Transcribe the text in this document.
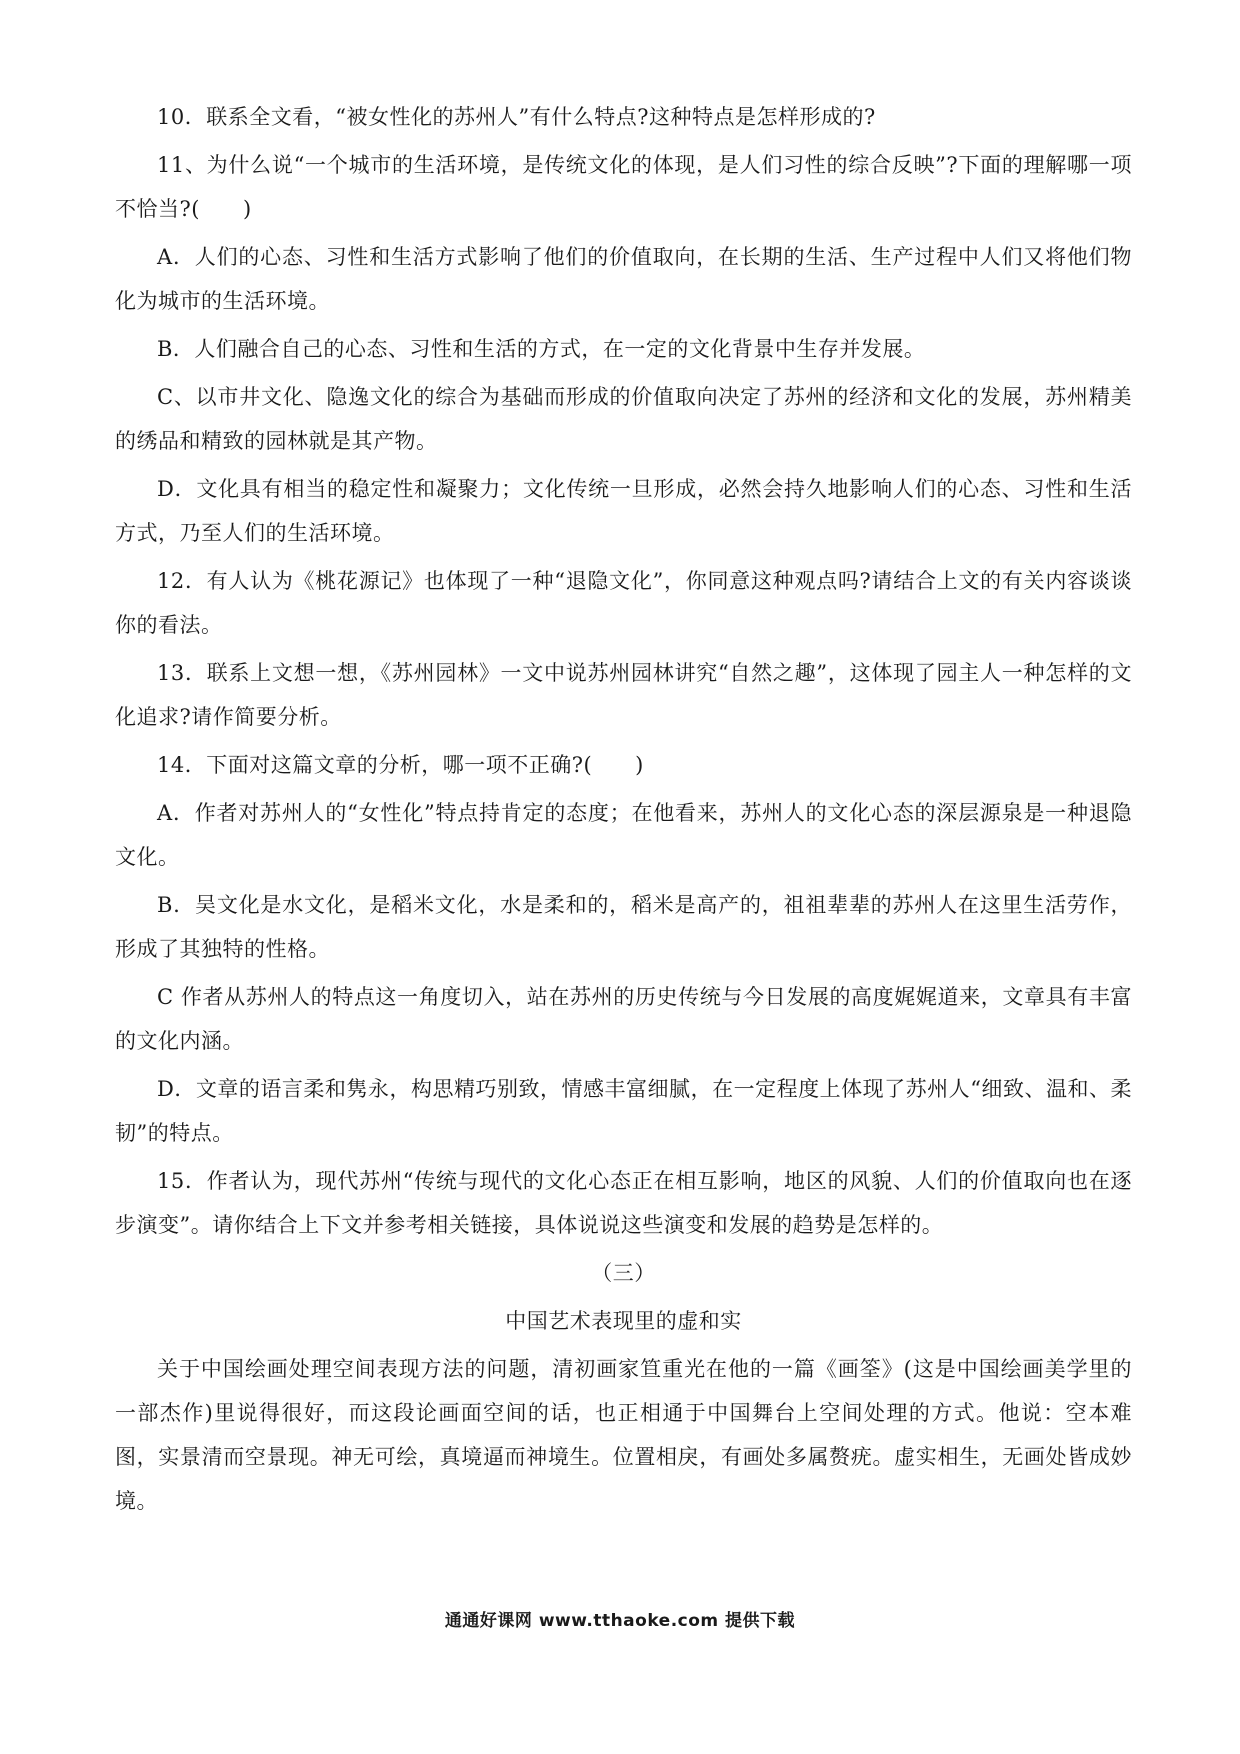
10．联系全文看，“被女性化的苏州人”有什么特点?这种特点是怎样形成的?

11、为什么说“一个城市的生活环境，是传统文化的体现，是人们习性的综合反映”?下面的理解哪一项不恰当?(　　)

A．人们的心态、习性和生活方式影响了他们的价值取向，在长期的生活、生产过程中人们又将他们物化为城市的生活环境。

B．人们融合自己的心态、习性和生活的方式，在一定的文化背景中生存并发展。

C、以市井文化、隐逸文化的综合为基础而形成的价值取向决定了苏州的经济和文化的发展，苏州精美的绣品和精致的园林就是其产物。

D．文化具有相当的稳定性和凝聚力；文化传统一旦形成，必然会持久地影响人们的心态、习性和生活方式，乃至人们的生活环境。

12．有人认为《桃花源记》也体现了一种“退隐文化”，你同意这种观点吗?请结合上文的有关内容谈谈你的看法。

13．联系上文想一想，《苏州园林》一文中说苏州园林讲究“自然之趣”，这体现了园主人一种怎样的文化追求?请作简要分析。

14．下面对这篇文章的分析，哪一项不正确?(　　)

A．作者对苏州人的“女性化”特点持肯定的态度；在他看来，苏州人的文化心态的深层源泉是一种退隐文化。

B．吴文化是水文化，是稻米文化，水是柔和的，稻米是高产的，祖祖辈辈的苏州人在这里生活劳作，形成了其独特的性格。

C 作者从苏州人的特点这一角度切入，站在苏州的历史传统与今日发展的高度娓娓道来，文章具有丰富的文化内涵。

D．文章的语言柔和隽永，构思精巧别致，情感丰富细腻，在一定程度上体现了苏州人“细致、温和、柔韧”的特点。

15．作者认为，现代苏州“传统与现代的文化心态正在相互影响，地区的风貌、人们的价值取向也在逐步演变”。请你结合上下文并参考相关链接，具体说说这些演变和发展的趋势是怎样的。

（三）

中国艺术表现里的虚和实

关于中国绘画处理空间表现方法的问题，清初画家笪重光在他的一篇《画筌》(这是中国绘画美学里的一部杰作)里说得很好，而这段论画面空间的话，也正相通于中国舞台上空间处理的方式。他说：空本难图，实景清而空景现。神无可绘，真境逼而神境生。位置相戾，有画处多属赘疣。虚实相生，无画处皆成妙境。

通通好课网 www.tthaoke.com 提供下载
